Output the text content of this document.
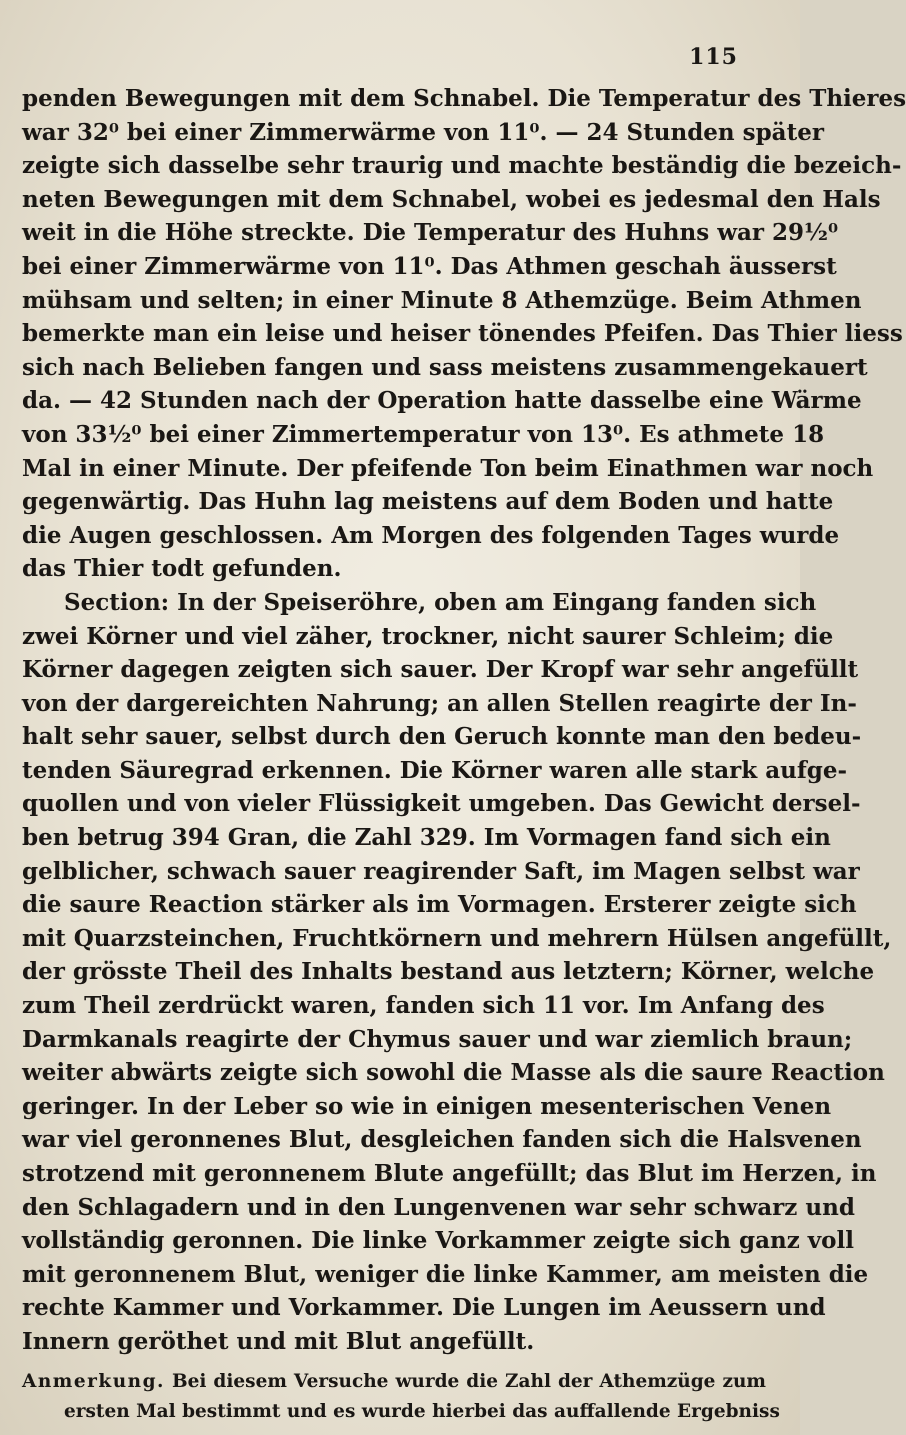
115
penden Bewegungen mit dem Schnabel. Die Temperatur des Thieres
war 32⁰ bei einer Zimmerwärme von 11⁰. — 24 Stunden später
zeigte sich dasselbe sehr traurig und machte beständig die bezeich-
neten Bewegungen mit dem Schnabel, wobei es jedesmal den Hals
weit in die Höhe streckte. Die Temperatur des Huhns war 29½⁰
bei einer Zimmerwärme von 11⁰. Das Athmen geschah äusserst
mühsam und selten; in einer Minute 8 Athemzüge. Beim Athmen
bemerkte man ein leise und heiser tönendes Pfeifen. Das Thier liess
sich nach Belieben fangen und sass meistens zusammengekauert
da. — 42 Stunden nach der Operation hatte dasselbe eine Wärme
von 33½⁰ bei einer Zimmertemperatur von 13⁰. Es athmete 18
Mal in einer Minute. Der pfeifende Ton beim Einathmen war noch
gegenwärtig. Das Huhn lag meistens auf dem Boden und hatte
die Augen geschlossen. Am Morgen des folgenden Tages wurde
das Thier todt gefunden.
Section: In der Speiseröhre, oben am Eingang fanden sich
zwei Körner und viel zäher, trockner, nicht saurer Schleim; die
Körner dagegen zeigten sich sauer. Der Kropf war sehr angefüllt
von der dargereichten Nahrung; an allen Stellen reagirte der In-
halt sehr sauer, selbst durch den Geruch konnte man den bedeu-
tenden Säuregrad erkennen. Die Körner waren alle stark aufge-
quollen und von vieler Flüssigkeit umgeben. Das Gewicht dersel-
ben betrug 394 Gran, die Zahl 329. Im Vormagen fand sich ein
gelblicher, schwach sauer reagirender Saft, im Magen selbst war
die saure Reaction stärker als im Vormagen. Ersterer zeigte sich
mit Quarzsteinchen, Fruchtkörnern und mehrern Hülsen angefüllt,
der grösste Theil des Inhalts bestand aus letztern; Körner, welche
zum Theil zerdrückt waren, fanden sich 11 vor. Im Anfang des
Darmkanals reagirte der Chymus sauer und war ziemlich braun;
weiter abwärts zeigte sich sowohl die Masse als die saure Reaction
geringer. In der Leber so wie in einigen mesenterischen Venen
war viel geronnenes Blut, desgleichen fanden sich die Halsvenen
strotzend mit geronnenem Blute angefüllt; das Blut im Herzen, in
den Schlagadern und in den Lungenvenen war sehr schwarz und
vollständig geronnen. Die linke Vorkammer zeigte sich ganz voll
mit geronnenem Blut, weniger die linke Kammer, am meisten die
rechte Kammer und Vorkammer. Die Lungen im Aeussern und
Innern geröthet und mit Blut angefüllt.
Anmerkung. Bei diesem Versuche wurde die Zahl der Athemzüge zum
ersten Mal bestimmt und es wurde hierbei das auffallende Ergebniss
